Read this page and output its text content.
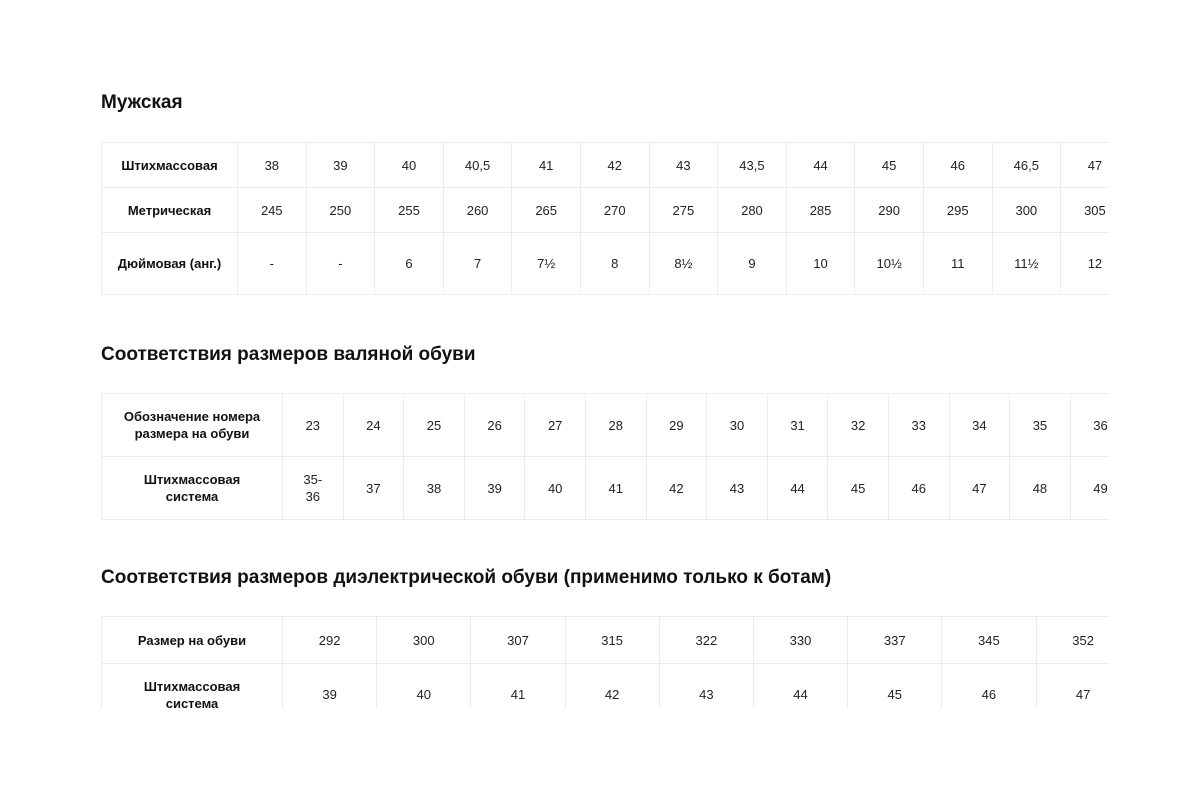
Мужская
Штихмассовая	38	39	40	40,5	41	42	43	43,5	44	45	46	46,5	47
Метрическая	245	250	255	260	265	270	275	280	285	290	295	300	305
Дюймовая (анг.)	-	-	6	7	7½	8	8½	9	10	10½	11	11½	12
Соответствия размеров валяной обуви
Обозначение номера размера на обуви	23	24	25	26	27	28	29	30	31	32	33	34	35	36
Штихмассовая система	35-36	37	38	39	40	41	42	43	44	45	46	47	48	49
Соответствия размеров диэлектрической обуви (применимо только к ботам)
Размер на обуви	292	300	307	315	322	330	337	345	352
Штихмассовая система	39	40	41	42	43	44	45	46	47
